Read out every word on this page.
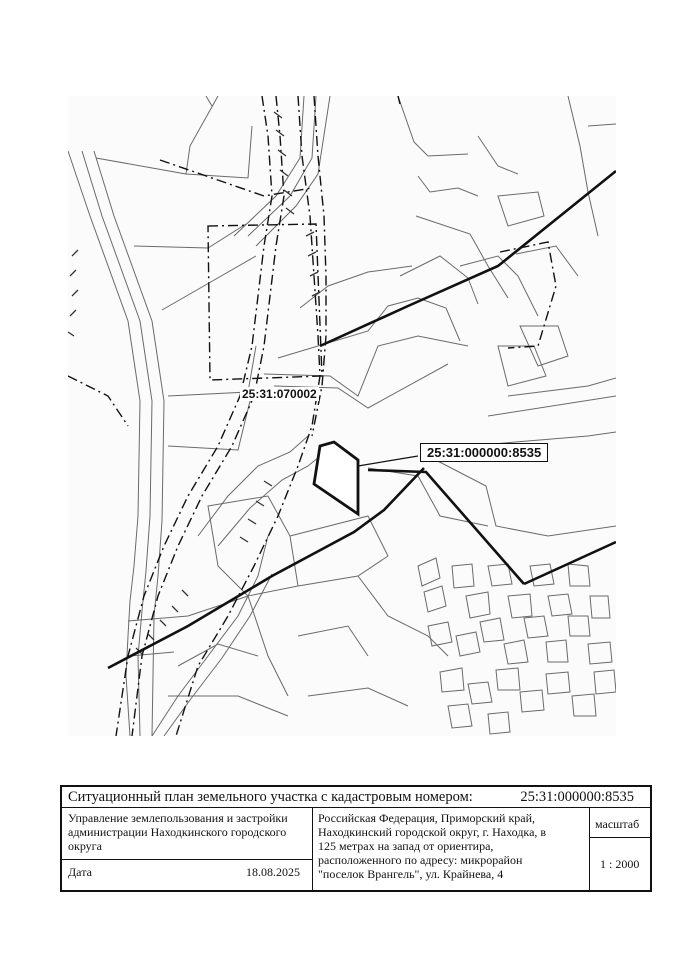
25:31:070002
25:31:000000:8535
Ситуационный план земельного участка с кадастровым номером:	25:31:000000:8535
Управление землепользования и застройки
администрации Находкинского городского
округа
Дата	18.08.2025
Российская Федерация, Приморский край,
Находкинский городской округ, г. Находка, в
125 метрах на запад от ориентира,
расположенного по адресу: микрорайон
"поселок Врангель", ул. Крайнева, 4
масштаб
1 : 2000
